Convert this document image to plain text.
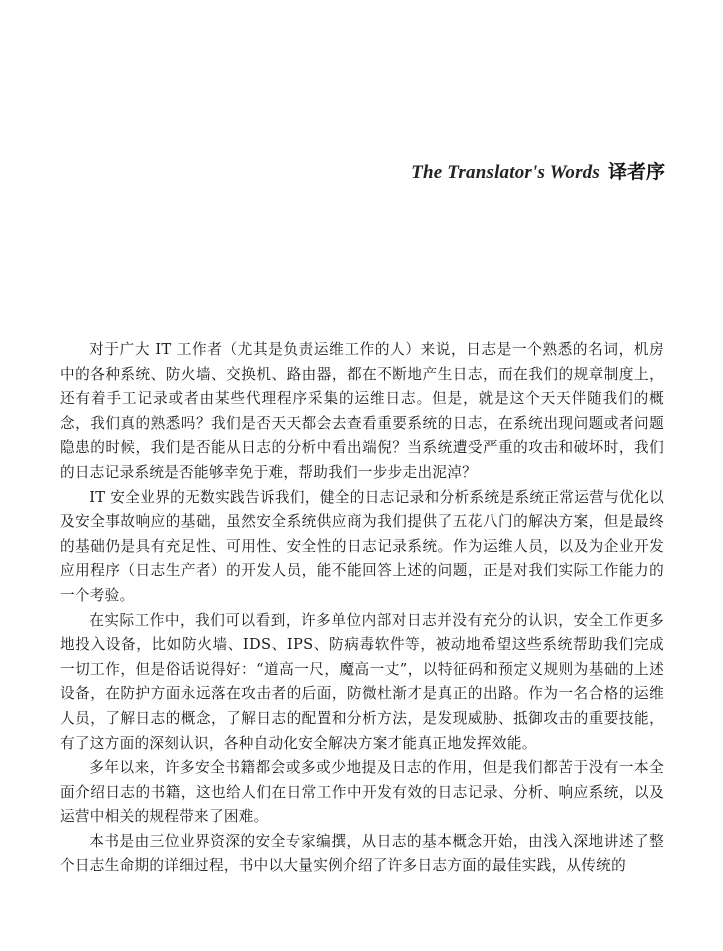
The Translator's Words 译者序

对于广大 IT 工作者（尤其是负责运维工作的人）来说，日志是一个熟悉的名词，机房中的各种系统、防火墙、交换机、路由器，都在不断地产生日志，而在我们的规章制度上，还有着手工记录或者由某些代理程序采集的运维日志。但是，就是这个天天伴随我们的概念，我们真的熟悉吗？我们是否天天都会去查看重要系统的日志，在系统出现问题或者问题隐患的时候，我们是否能从日志的分析中看出端倪？当系统遭受严重的攻击和破坏时，我们的日志记录系统是否能够幸免于难，帮助我们一步步走出泥淖？

IT 安全业界的无数实践告诉我们，健全的日志记录和分析系统是系统正常运营与优化以及安全事故响应的基础，虽然安全系统供应商为我们提供了五花八门的解决方案，但是最终的基础仍是具有充足性、可用性、安全性的日志记录系统。作为运维人员，以及为企业开发应用程序（日志生产者）的开发人员，能不能回答上述的问题，正是对我们实际工作能力的一个考验。

在实际工作中，我们可以看到，许多单位内部对日志并没有充分的认识，安全工作更多地投入设备，比如防火墙、IDS、IPS、防病毒软件等，被动地希望这些系统帮助我们完成一切工作，但是俗话说得好：“道高一尺，魔高一丈”，以特征码和预定义规则为基础的上述设备，在防护方面永远落在攻击者的后面，防微杜渐才是真正的出路。作为一名合格的运维人员，了解日志的概念，了解日志的配置和分析方法，是发现威胁、抵御攻击的重要技能，有了这方面的深刻认识，各种自动化安全解决方案才能真正地发挥效能。

多年以来，许多安全书籍都会或多或少地提及日志的作用，但是我们都苦于没有一本全面介绍日志的书籍，这也给人们在日常工作中开发有效的日志记录、分析、响应系统，以及运营中相关的规程带来了困难。

本书是由三位业界资深的安全专家编撰，从日志的基本概念开始，由浅入深地讲述了整个日志生命期的详细过程，书中以大量实例介绍了许多日志方面的最佳实践，从传统的
